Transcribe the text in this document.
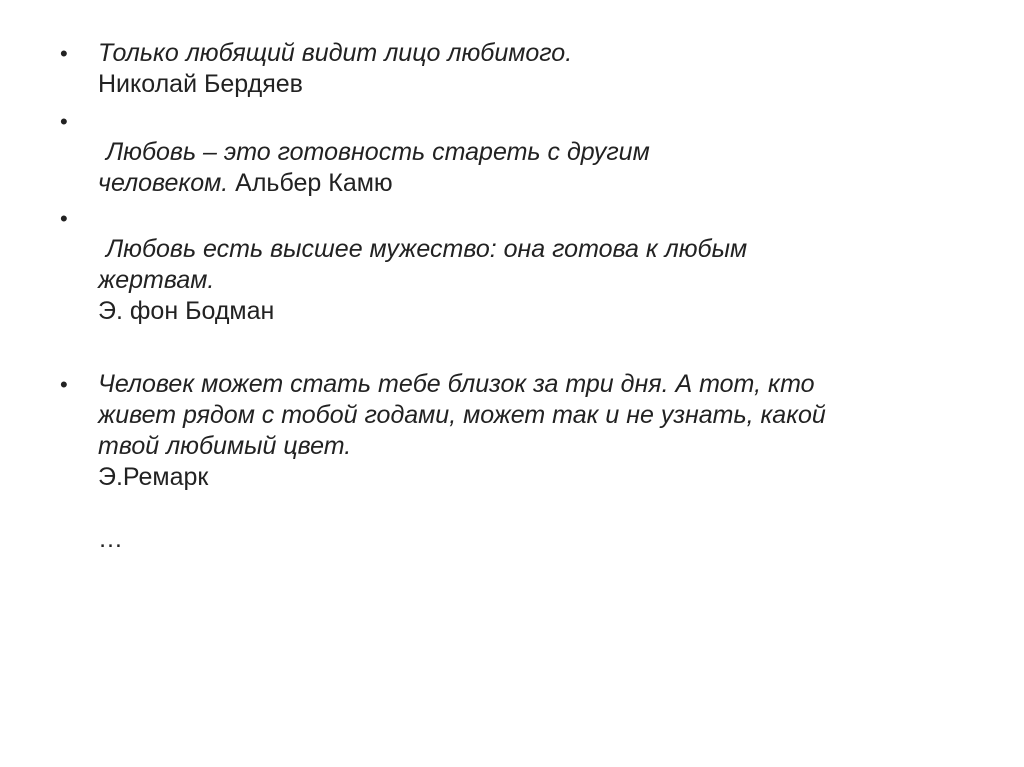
• Только любящий видит лицо любимого.
Николай Бердяев
•
Любовь – это готовность стареть с другим
человеком. Альбер Камю
•
Любовь есть высшее мужество: она готова к любым
жертвам.
Э. фон Бодман
• Человек может стать тебе близок за три дня. А тот, кто
живет рядом с тобой годами, может так и не узнать, какой
твой любимый цвет.
Э.Ремарк
…
